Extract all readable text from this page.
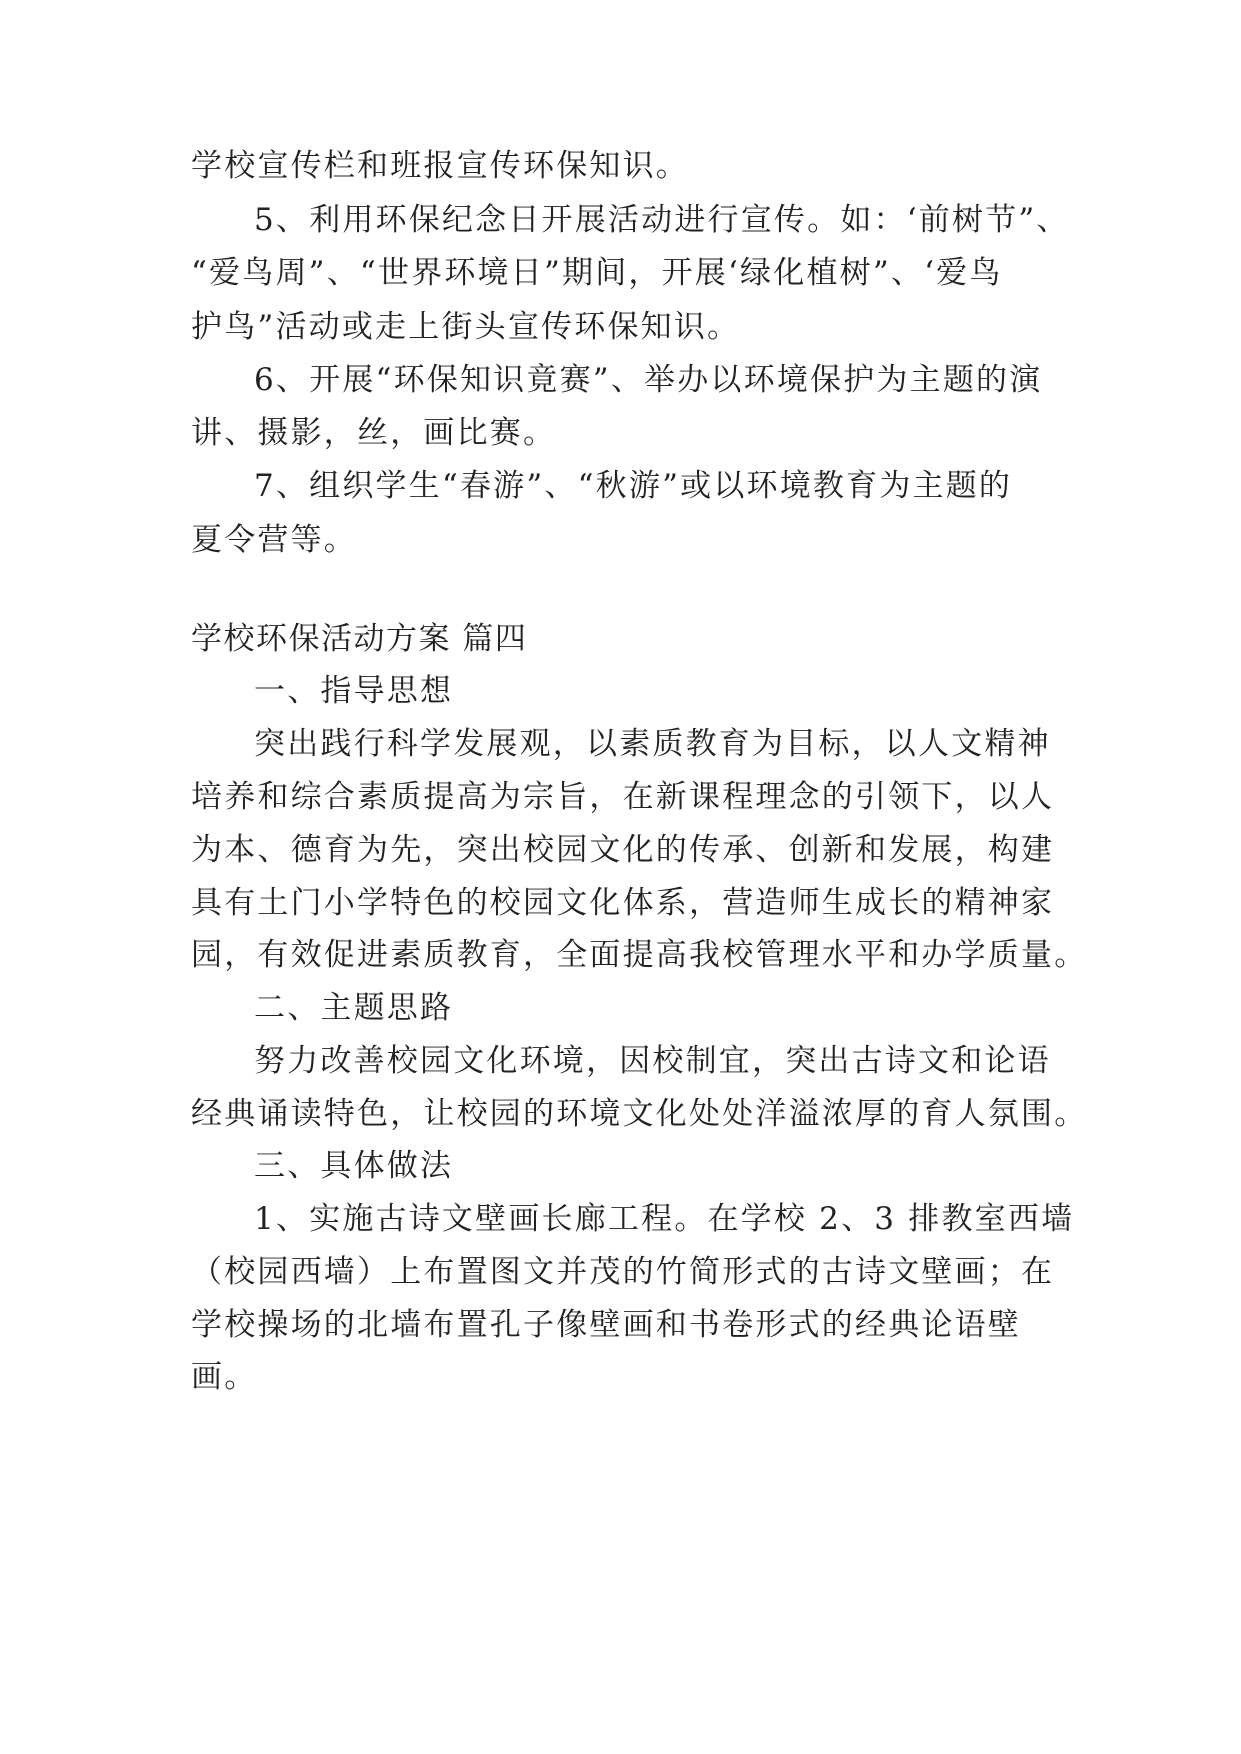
学校宣传栏和班报宣传环保知识。
5、利用环保纪念日开展活动进行宣传。如：‘前树节”、
“爱鸟周”、“世界环境日”期间，开展‘绿化植树”、‘爱鸟
护鸟”活动或走上街头宣传环保知识。
6、开展“环保知识竟赛”、举办以环境保护为主题的演
讲、摄影，丝，画比赛。
7、组织学生“春游”、“秋游”或以环境教育为主题的
夏令营等。
学校环保活动方案 篇四
一、指导思想
突出践行科学发展观，以素质教育为目标，以人文精神
培养和综合素质提高为宗旨，在新课程理念的引领下，以人
为本、德育为先，突出校园文化的传承、创新和发展，构建
具有土门小学特色的校园文化体系，营造师生成长的精神家
园，有效促进素质教育，全面提高我校管理水平和办学质量。
二、主题思路
努力改善校园文化环境，因校制宜，突出古诗文和论语
经典诵读特色，让校园的环境文化处处洋溢浓厚的育人氛围。
三、具体做法
1、实施古诗文壁画长廊工程。在学校 2、3 排教室西墙
（校园西墙）上布置图文并茂的竹简形式的古诗文壁画；在
学校操场的北墙布置孔子像壁画和书卷形式的经典论语壁
画。
